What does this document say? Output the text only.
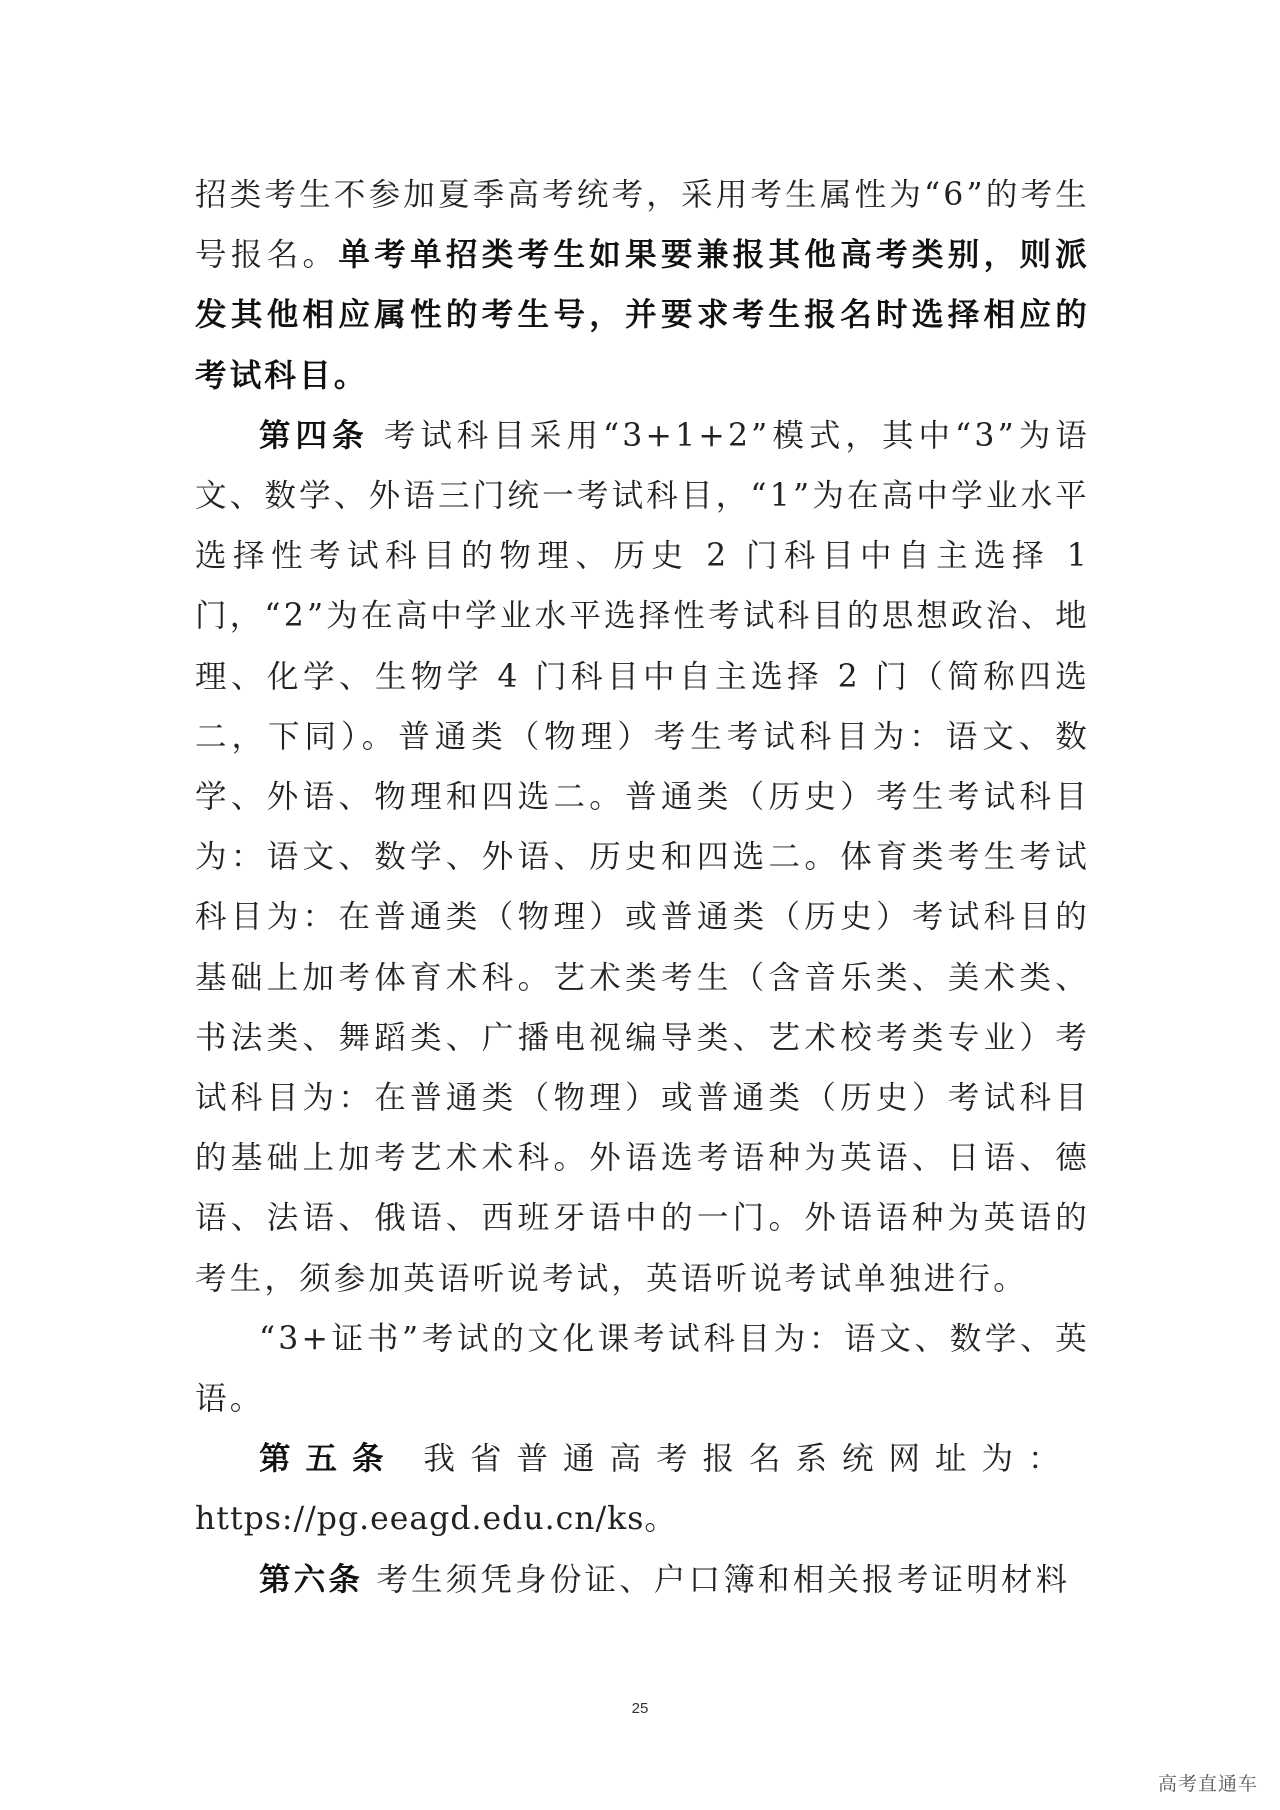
招类考生不参加夏季高考统考，采用考生属性为“6”的考生号报名。单考单招类考生如果要兼报其他高考类别，则派发其他相应属性的考生号，并要求考生报名时选择相应的考试科目。

第四条 考试科目采用“3+1+2”模式，其中“3”为语文、数学、外语三门统一考试科目，“1”为在高中学业水平选择性考试科目的物理、历史 2 门科目中自主选择 1 门，“2”为在高中学业水平选择性考试科目的思想政治、地理、化学、生物学 4 门科目中自主选择 2 门（简称四选二，下同）。普通类（物理）考生考试科目为：语文、数学、外语、物理和四选二。普通类（历史）考生考试科目为：语文、数学、外语、历史和四选二。体育类考生考试科目为：在普通类（物理）或普通类（历史）考试科目的基础上加考体育术科。艺术类考生（含音乐类、美术类、书法类、舞蹈类、广播电视编导类、艺术校考类专业）考试科目为：在普通类（物理）或普通类（历史）考试科目的基础上加考艺术术科。外语选考语种为英语、日语、德语、法语、俄语、西班牙语中的一门。外语语种为英语的考生，须参加英语听说考试，英语听说考试单独进行。

“3+证书”考试的文化课考试科目为：语文、数学、英语。

第五条 我省普通高考报名系统网址为：
https://pg.eeagd.edu.cn/ks。

第六条 考生须凭身份证、户口簿和相关报考证明材料

25
高考直通车
